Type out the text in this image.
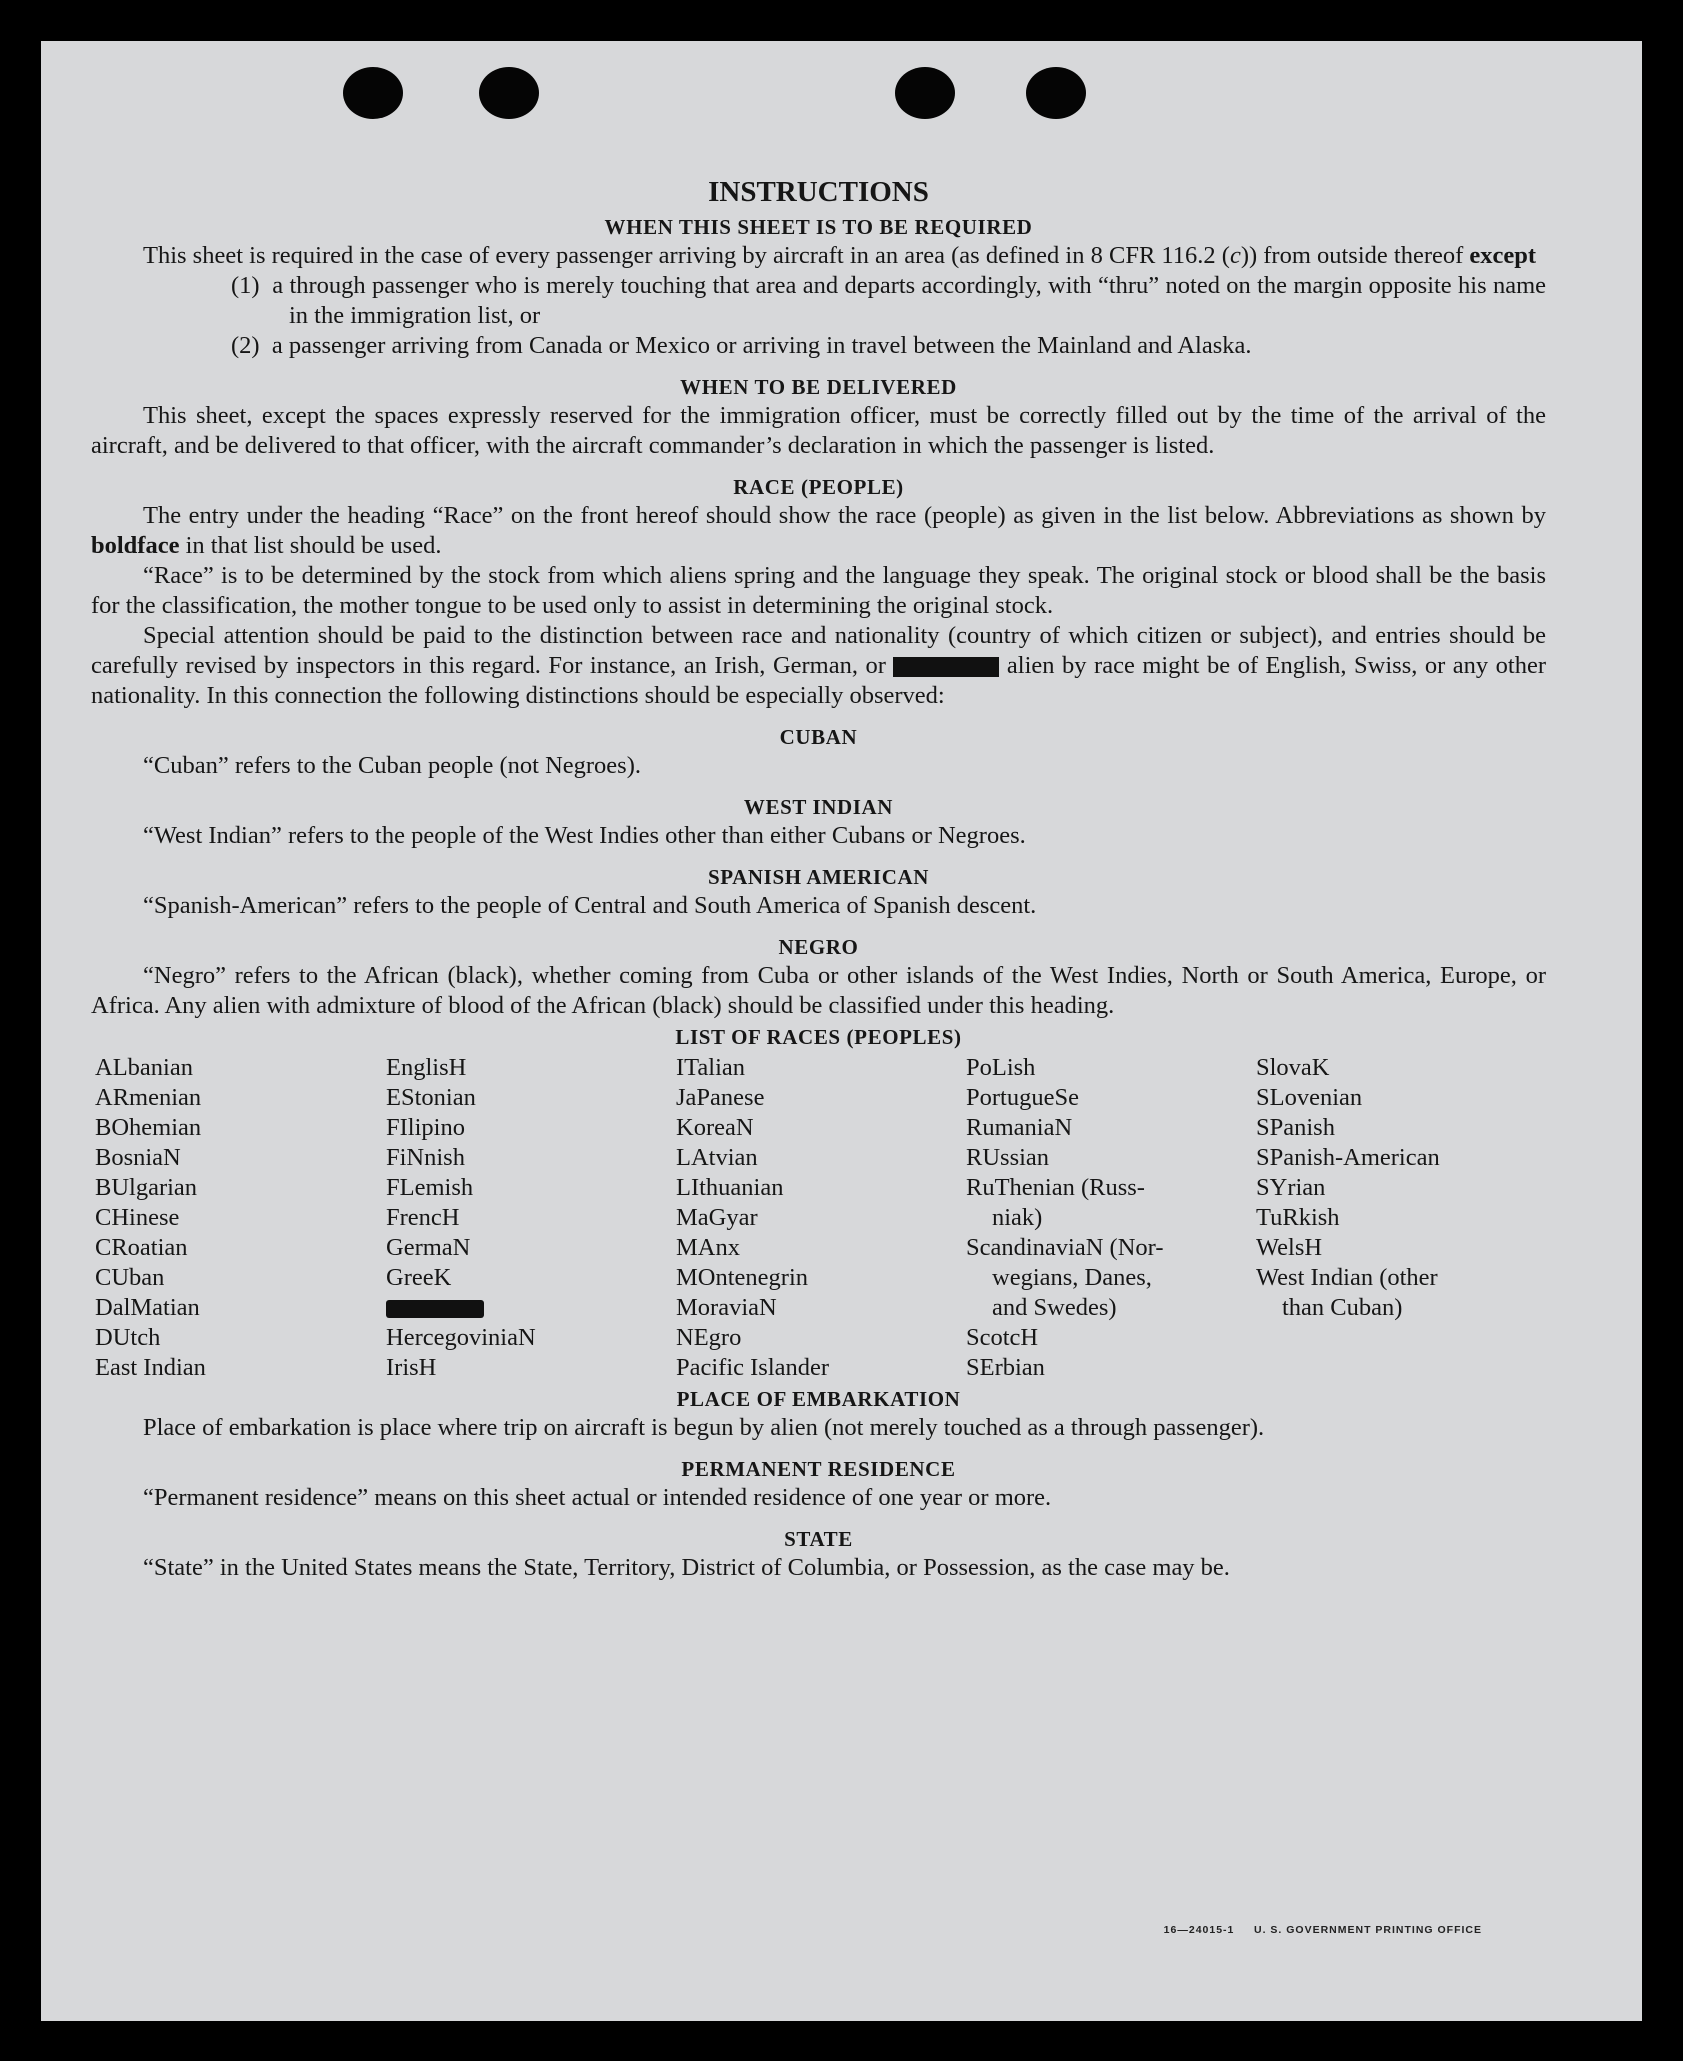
INSTRUCTIONS
WHEN THIS SHEET IS TO BE REQUIRED

This sheet is required in the case of every passenger arriving by aircraft in an area (as defined in 8 CFR 116.2 (c)) from outside thereof except

(1) a through passenger who is merely touching that area and departs accordingly, with “thru” noted on the margin opposite his name in the immigration list, or

(2) a passenger arriving from Canada or Mexico or arriving in travel between the Mainland and Alaska.

WHEN TO BE DELIVERED

This sheet, except the spaces expressly reserved for the immigration officer, must be correctly filled out by the time of the arrival of the aircraft, and be delivered to that officer, with the aircraft commander’s declaration in which the passenger is listed.

RACE (PEOPLE)

The entry under the heading “Race” on the front hereof should show the race (people) as given in the list below. Abbreviations as shown by boldface in that list should be used.

“Race” is to be determined by the stock from which aliens spring and the language they speak. The original stock or blood shall be the basis for the classification, the mother tongue to be used only to assist in determining the original stock.

Special attention should be paid to the distinction between race and nationality (country of which citizen or subject), and entries should be carefully revised by inspectors in this regard. For instance, an Irish, German, or	alien by race might be of English, Swiss, or any other nationality. In this connection the following distinctions should be especially observed:

CUBAN

“Cuban” refers to the Cuban people (not Negroes).

WEST INDIAN

“West Indian” refers to the people of the West Indies other than either Cubans or Negroes.

SPANISH AMERICAN

“Spanish-American” refers to the people of Central and South America of Spanish descent.

NEGRO

“Negro” refers to the African (black), whether coming from Cuba or other islands of the West Indies, North or South America, Europe, or Africa. Any alien with admixture of blood of the African (black) should be classified under this heading.

LIST OF RACES (PEOPLES)
ALbanian
ARmenian
BOhemian
BosniaN
BUlgarian
CHinese
CRoatian
CUban
DalMatian
DUtch
East Indian
EnglisH
EStonian
FIlipino
FiNnish
FLemish
FrencH
GermaN
GreeK
HercegoviniaN
IrisH
ITalian
JaPanese
KoreaN
LAtvian
LIthuanian
MaGyar
MAnx
MOntenegrin
MoraviaN
NEgro
Pacific Islander
PoLish
PortugueSe
RumaniaN
RUssian
RuThenian (Russ-
niak)
ScandinaviaN (Nor-
wegians, Danes,
and Swedes)
ScotcH
SErbian
SlovaK
SLovenian
SPanish
SPanish-American
SYrian
TuRkish
WelsH
West Indian (other
than Cuban)
PLACE OF EMBARKATION

Place of embarkation is place where trip on aircraft is begun by alien (not merely touched as a through passenger).

PERMANENT RESIDENCE

“Permanent residence” means on this sheet actual or intended residence of one year or more.

STATE

“State” in the United States means the State, Territory, District of Columbia, or Possession, as the case may be.

16—24015-1 U. S. GOVERNMENT PRINTING OFFICE
